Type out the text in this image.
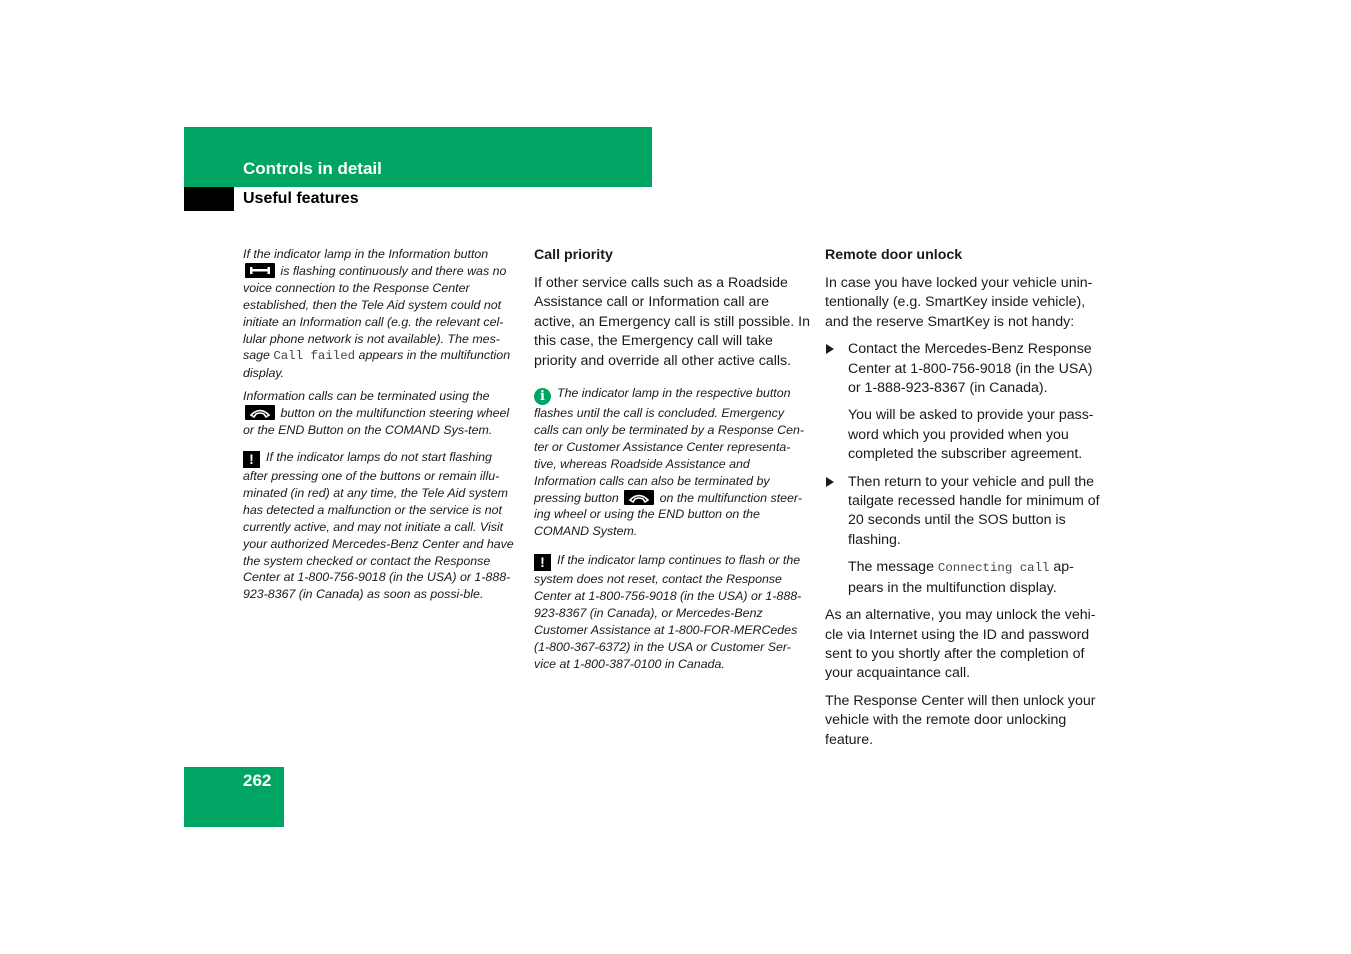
Controls in detail
Useful features

If the indicator lamp in the Information button
is flashing continuously and there was no voice connection to the Response Center established, then the Tele Aid system could not initiate an Information call (e.g. the relevant cel-lular phone network is not available). The mes-sage Call failed appears in the multifunction display.

Information calls can be terminated using the
button on the multifunction steering wheel or the END Button on the COMAND Sys-tem.

! If the indicator lamps do not start flashing after pressing one of the buttons or remain illu-minated (in red) at any time, the Tele Aid system has detected a malfunction or the service is not currently active, and may not initiate a call. Visit your authorized Mercedes-Benz Center and have the system checked or contact the Response Center at 1-800-756-9018 (in the USA) or 1-888-923-8367 (in Canada) as soon as possi-ble.

Call priority

If other service calls such as a Roadside Assistance call or Information call are active, an Emergency call is still possible. In this case, the Emergency call will take priority and override all other active calls.

i The indicator lamp in the respective button flashes until the call is concluded. Emergency calls can only be terminated by a Response Cen-ter or Customer Assistance Center representa-tive, whereas Roadside Assistance and Information calls can also be terminated by pressing button	on the multifunction steer-ing wheel or using the END button on the COMAND System.

! If the indicator lamp continues to flash or the system does not reset, contact the Response Center at 1-800-756-9018 (in the USA) or 1-888-923-8367 (in Canada), or Mercedes-Benz Customer Assistance at 1-800-FOR-MERCedes (1-800-367-6372) in the USA or Customer Ser-vice at 1-800-387-0100 in Canada.

Remote door unlock

In case you have locked your vehicle unin-tentionally (e.g. SmartKey inside vehicle), and the reserve SmartKey is not handy:

Contact the Mercedes-Benz Response Center at 1-800-756-9018 (in the USA) or 1-888-923-8367 (in Canada).

You will be asked to provide your pass-word which you provided when you completed the subscriber agreement.

Then return to your vehicle and pull the tailgate recessed handle for minimum of 20 seconds until the SOS button is flashing.

The message Connecting call ap-pears in the multifunction display.

As an alternative, you may unlock the vehi-cle via Internet using the ID and password sent to you shortly after the completion of your acquaintance call.

The Response Center will then unlock your vehicle with the remote door unlocking feature.

262
